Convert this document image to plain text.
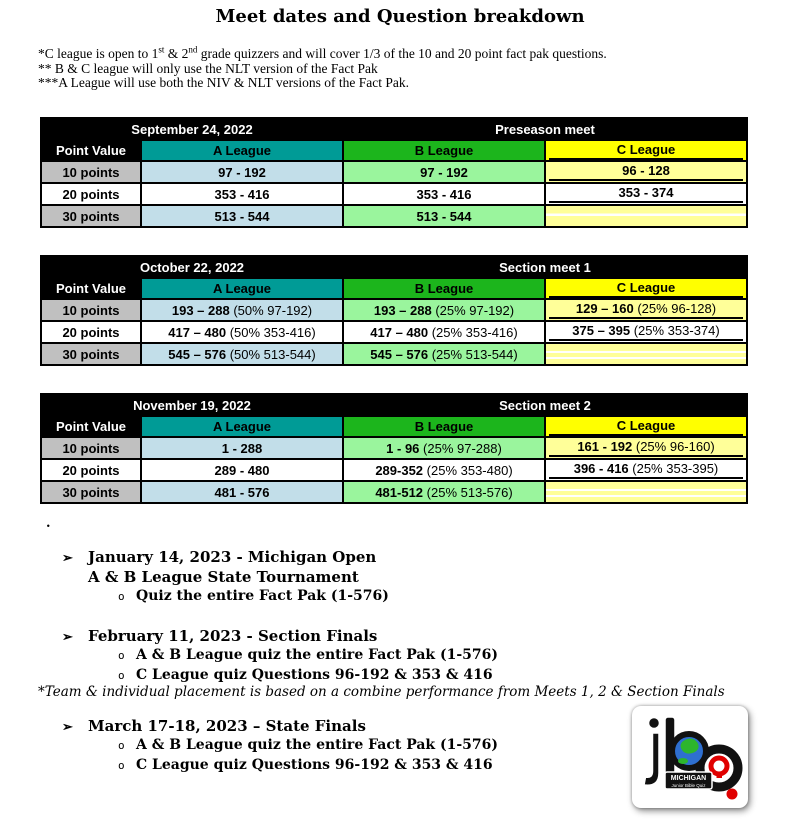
Meet dates and Question breakdown
*C league is open to 1st & 2nd grade quizzers and will cover 1/3 of the 10 and 20 point fact pak questions.
** B & C league will only use the NLT version of the Fact Pak
***A League will use both the NIV & NLT versions of the Fact Pak.
September 24, 2022	Preseason meet
Point Value	A League	B League	C League
10 points	97 - 192	97 - 192	96 - 128
20 points	353 - 416	353 - 416	353 - 374
30 points	513 - 544	513 - 544
October 22, 2022	Section meet 1
Point Value	A League	B League	C League
10 points	193 – 288 (50% 97-192)	193 – 288 (25% 97-192)	129 – 160 (25% 96-128)
20 points	417 – 480 (50% 353-416)	417 – 480 (25% 353-416)	375 – 395 (25% 353-374)
30 points	545 – 576 (50% 513-544)	545 – 576 (25% 513-544)
November 19, 2022	Section meet 2
Point Value	A League	B League	C League
10 points	1 - 288	1 - 96 (25% 97-288)	161 - 192 (25% 96-160)
20 points	289 - 480	289-352 (25% 353-480)	396 - 416 (25% 353-395)
30 points	481 - 576	481-512 (25% 513-576)
.
➢ January 14, 2023 - Michigan Open
A & B League State Tournament
o Quiz the entire Fact Pak (1-576)
➢ February 11, 2023 - Section Finals
o A & B League quiz the entire Fact Pak (1-576)
o C League quiz Questions 96-192 & 353 & 416
*Team & individual placement is based on a combine performance from Meets 1, 2 & Section Finals
➢ March 17-18, 2023 – State Finals
o A & B League quiz the entire Fact Pak (1-576)
o C League quiz Questions 96-192 & 353 & 416
MICHIGAN
Junior Bible Quiz
